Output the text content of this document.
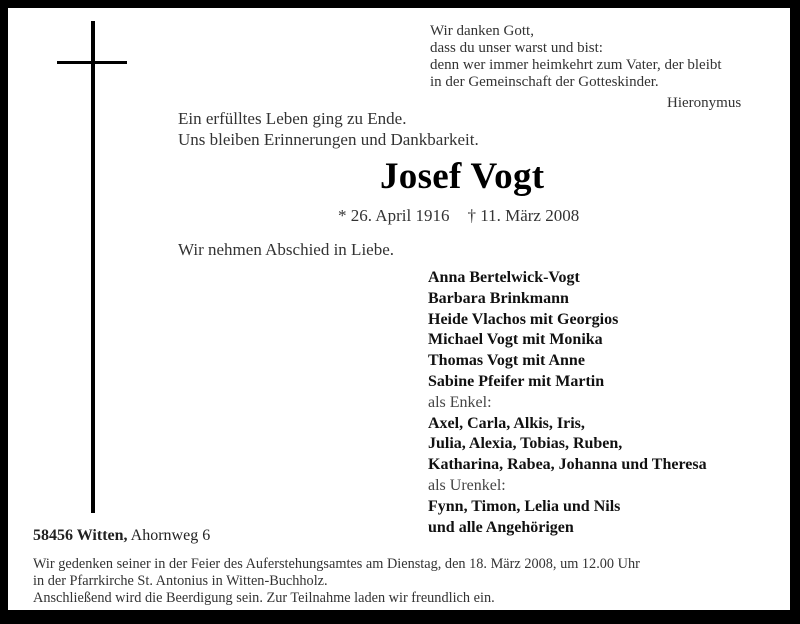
Wir danken Gott,
dass du unser warst und bist:
denn wer immer heimkehrt zum Vater, der bleibt
in der Gemeinschaft der Gotteskinder.
Hieronymus
Ein erfülltes Leben ging zu Ende.
Uns bleiben Erinnerungen und Dankbarkeit.
Josef Vogt
* 26. April 1916 † 11. März 2008
Wir nehmen Abschied in Liebe.
Anna Bertelwick-Vogt
Barbara Brinkmann
Heide Vlachos mit Georgios
Michael Vogt mit Monika
Thomas Vogt mit Anne
Sabine Pfeifer mit Martin
als Enkel:
Axel, Carla, Alkis, Iris,
Julia, Alexia, Tobias, Ruben,
Katharina, Rabea, Johanna und Theresa
als Urenkel:
Fynn, Timon, Lelia und Nils
und alle Angehörigen
58456 Witten, Ahornweg 6
Wir gedenken seiner in der Feier des Auferstehungsamtes am Dienstag, den 18. März 2008, um 12.00 Uhr
in der Pfarrkirche St. Antonius in Witten-Buchholz.
Anschließend wird die Beerdigung sein. Zur Teilnahme laden wir freundlich ein.
